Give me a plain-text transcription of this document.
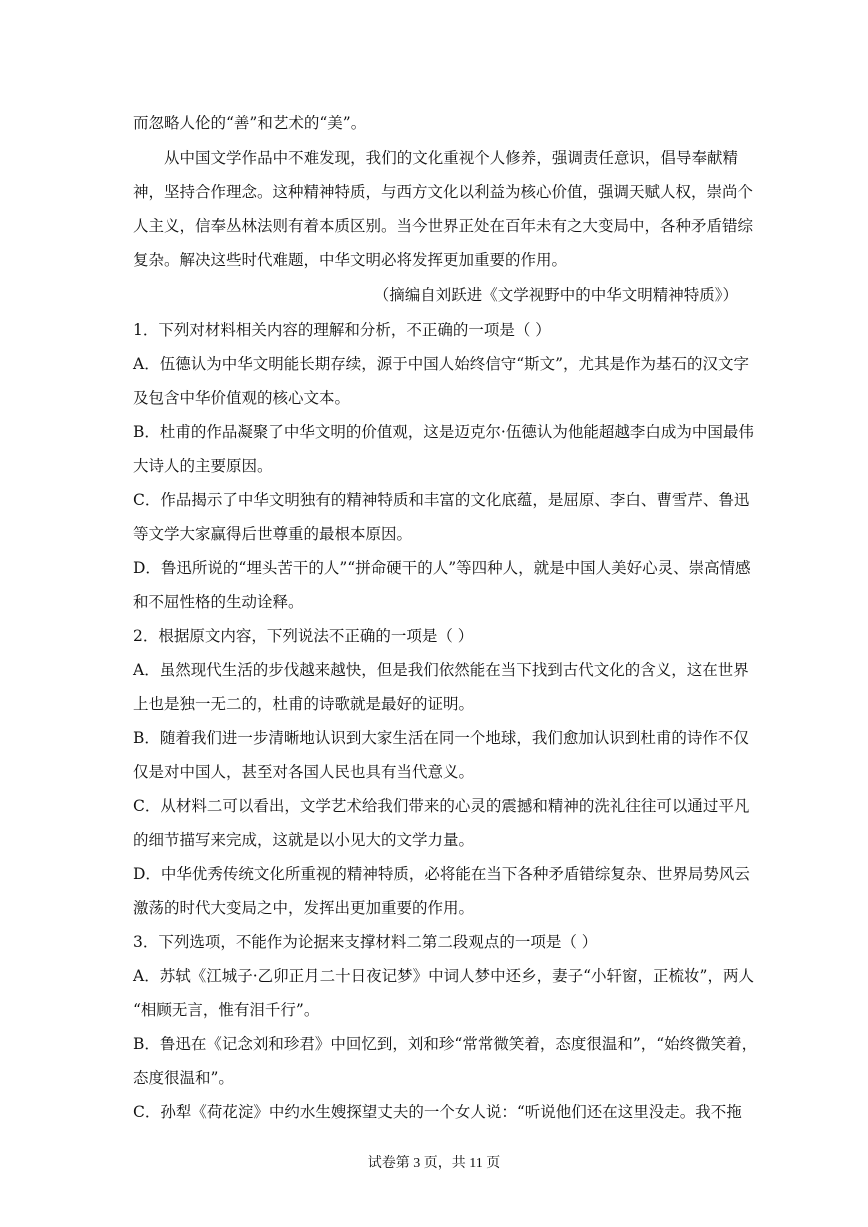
而忽略人伦的“善”和艺术的“美”。
从中国文学作品中不难发现，我们的文化重视个人修养，强调责任意识，倡导奉献精
神，坚持合作理念。这种精神特质，与西方文化以利益为核心价值，强调天赋人权，崇尚个
人主义，信奉丛林法则有着本质区别。当今世界正处在百年未有之大变局中，各种矛盾错综
复杂。解决这些时代难题，中华文明必将发挥更加重要的作用。
（摘编自刘跃进《文学视野中的中华文明精神特质》）
1．下列对材料相关内容的理解和分析，不正确的一项是（ ）
A．伍德认为中华文明能长期存续，源于中国人始终信守“斯文”，尤其是作为基石的汉文字
及包含中华价值观的核心文本。
B．杜甫的作品凝聚了中华文明的价值观，这是迈克尔·伍德认为他能超越李白成为中国最伟
大诗人的主要原因。
C．作品揭示了中华文明独有的精神特质和丰富的文化底蕴，是屈原、李白、曹雪芹、鲁迅
等文学大家赢得后世尊重的最根本原因。
D．鲁迅所说的“埋头苦干的人”“拼命硬干的人”等四种人，就是中国人美好心灵、崇高情感
和不屈性格的生动诠释。
2．根据原文内容，下列说法不正确的一项是（ ）
A．虽然现代生活的步伐越来越快，但是我们依然能在当下找到古代文化的含义，这在世界
上也是独一无二的，杜甫的诗歌就是最好的证明。
B．随着我们进一步清晰地认识到大家生活在同一个地球，我们愈加认识到杜甫的诗作不仅
仅是对中国人，甚至对各国人民也具有当代意义。
C．从材料二可以看出，文学艺术给我们带来的心灵的震撼和精神的洗礼往往可以通过平凡
的细节描写来完成，这就是以小见大的文学力量。
D．中华优秀传统文化所重视的精神特质，必将能在当下各种矛盾错综复杂、世界局势风云
激荡的时代大变局之中，发挥出更加重要的作用。
3．下列选项，不能作为论据来支撑材料二第二段观点的一项是（ ）
A．苏轼《江城子·乙卯正月二十日夜记梦》中词人梦中还乡，妻子“小轩窗，正梳妆”，两人
“相顾无言，惟有泪千行”。
B．鲁迅在《记念刘和珍君》中回忆到，刘和珍“常常微笑着，态度很温和”，“始终微笑着，
态度很温和”。
C．孙犁《荷花淀》中约水生嫂探望丈夫的一个女人说：“听说他们还在这里没走。我不拖
试卷第 3 页，共 11 页
